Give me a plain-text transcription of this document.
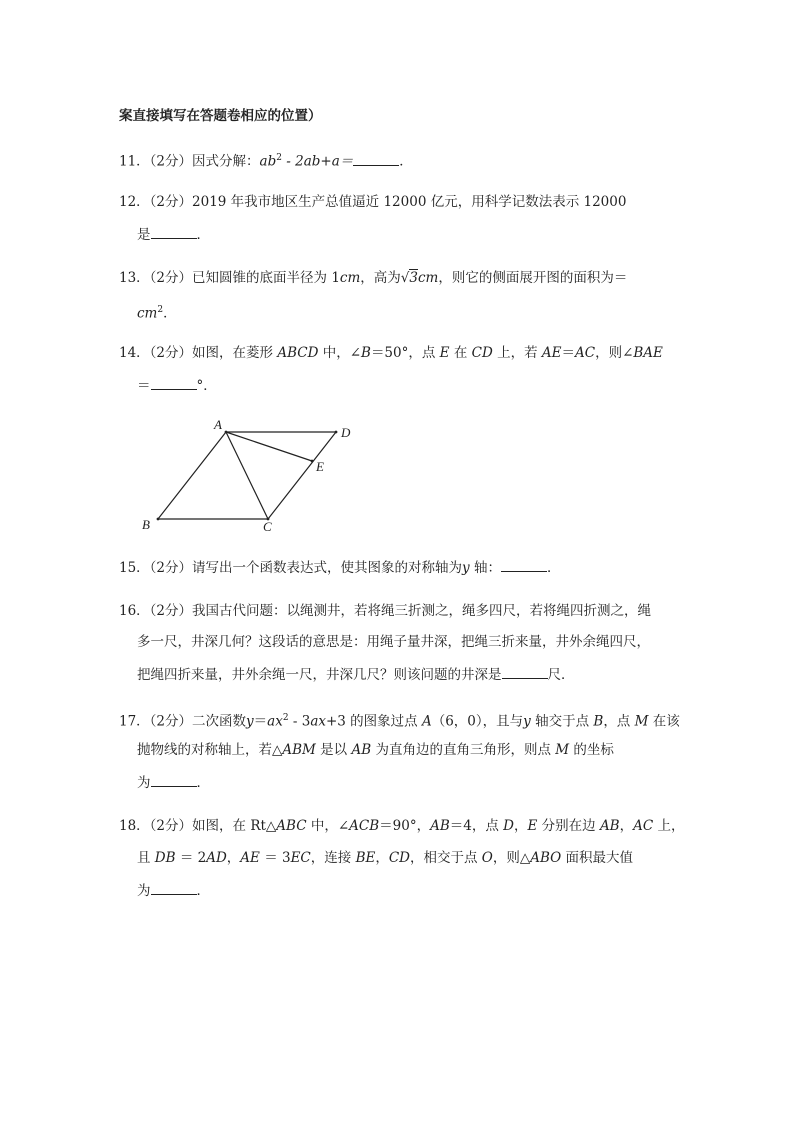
案直接填写在答题卷相应的位置）
11．（2分）因式分解：$ab^2 - 2ab+a=$	．
12．（2分）2019 年我市地区生产总值逼近 12000 亿元，用科学记数法表示 12000
是	．
13．（2分）已知圆锥的底面半径为 1cm，高为√3cm，则它的侧面展开图的面积为＝
$cm^2$．
14．（2分）如图，在菱形 ABCD 中，∠B＝50°，点 E 在 CD 上，若 AE＝AC，则∠BAE
＝	°．
A
B	C
D
E
15．（2分）请写出一个函数表达式，使其图象的对称轴为y 轴：	．
16．（2分）我国古代问题：以绳测井，若将绳三折测之，绳多四尺，若将绳四折测之，绳
多一尺，井深几何？这段话的意思是：用绳子量井深，把绳三折来量，井外余绳四尺，
把绳四折来量，井外余绳一尺，井深几尺？则该问题的井深是	尺．
17．（2分）二次函数$y=ax^2 - 3ax+3$ 的图象过点 A（6，0），且与y 轴交于点 B，点 M 在该
抛物线的对称轴上，若△ABM 是以 AB 为直角边的直角三角形，则点 M 的坐标
为	．
18．（2分）如图，在 Rt△ABC 中，∠ACB＝90°，AB＝4，点 D，E 分别在边 AB，AC 上，
且 DB ＝ 2AD，AE ＝ 3EC，连接 BE，CD，相交于点 O，则△ABO 面积最大值
为	．
